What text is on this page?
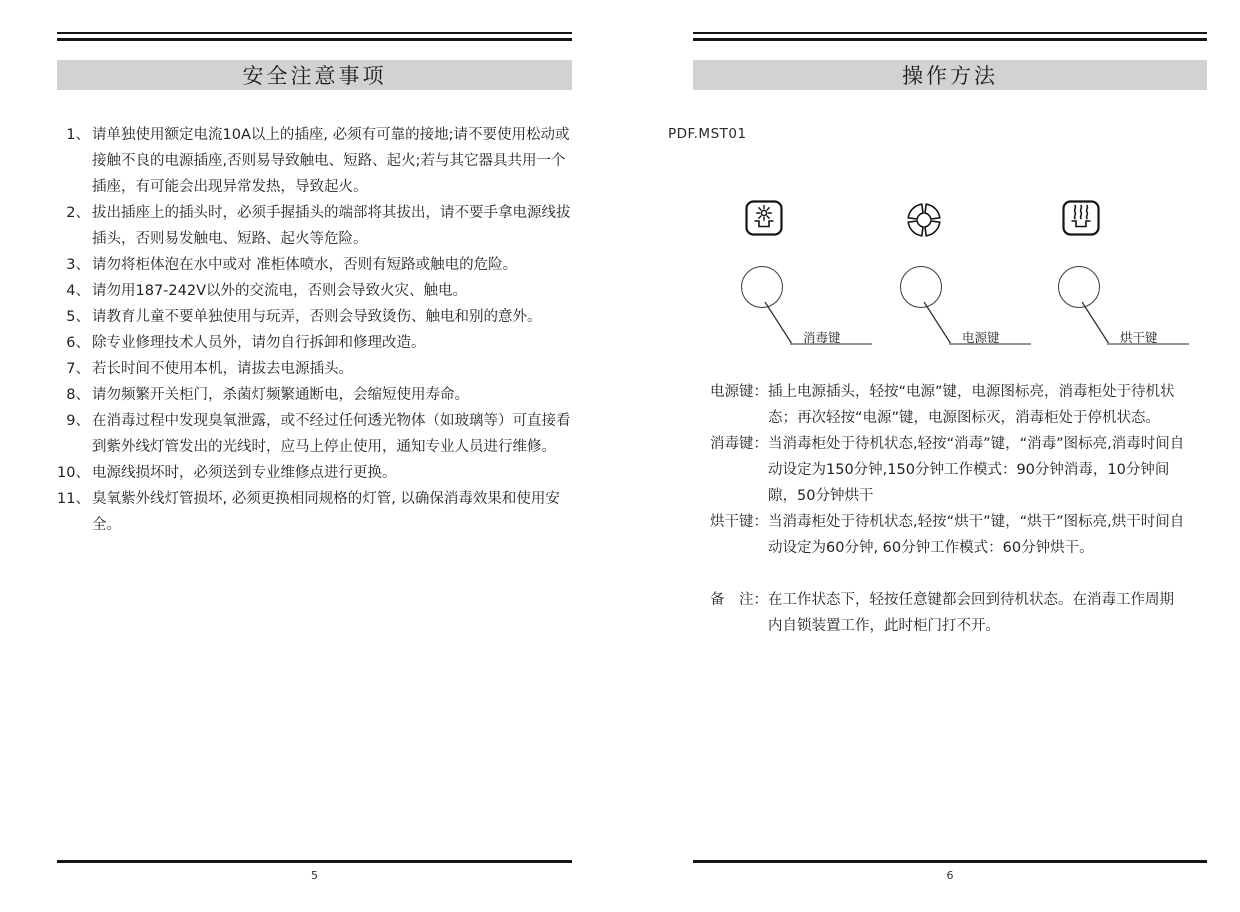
安全注意事项
1、 请单独使用额定电流10A以上的插座, 必须有可靠的接地;请不要使用松动或接触不良的电源插座,否则易导致触电、短路、起火;若与其它器具共用一个插座，有可能会出现异常发热，导致起火。
2、 拔出插座上的插头时，必须手握插头的端部将其拔出，请不要手拿电源线拔插头，否则易发触电、短路、起火等危险。
3、 请勿将柜体泡在水中或对 准柜体喷水，否则有短路或触电的危险。
4、 请勿用187-242V以外的交流电，否则会导致火灾、触电。
5、 请教育儿童不要单独使用与玩弄，否则会导致烫伤、触电和别的意外。
6、 除专业修理技术人员外，请勿自行拆卸和修理改造。
7、 若长时间不使用本机，请拔去电源插头。
8、 请勿频繁开关柜门，杀菌灯频繁通断电，会缩短使用寿命。
9、 在消毒过程中发现臭氧泄露，或不经过任何透光物体（如玻璃等）可直接看到紫外线灯管发出的光线时，应马上停止使用，通知专业人员进行维修。
10、 电源线损坏时，必须送到专业维修点进行更换。
11、 臭氧紫外线灯管损坏, 必须更换相同规格的灯管, 以确保消毒效果和使用安全。
5
操作方法
PDF.MST01
消毒键	电源键	烘干键
电源键： 插上电源插头，轻按“电源”键，电源图标亮，消毒柜处于待机状态；再次轻按“电源”键，电源图标灭，消毒柜处于停机状态。
消毒键： 当消毒柜处于待机状态,轻按“消毒”键，“消毒”图标亮,消毒时间自动设定为150分钟,150分钟工作模式：90分钟消毒，10分钟间隙，50分钟烘干
烘干键： 当消毒柜处于待机状态,轻按“烘干”键，“烘干”图标亮,烘干时间自动设定为60分钟, 60分钟工作模式：60分钟烘干。
备　注： 在工作状态下，轻按任意键都会回到待机状态。在消毒工作周期内自锁装置工作，此时柜门打不开。
6
